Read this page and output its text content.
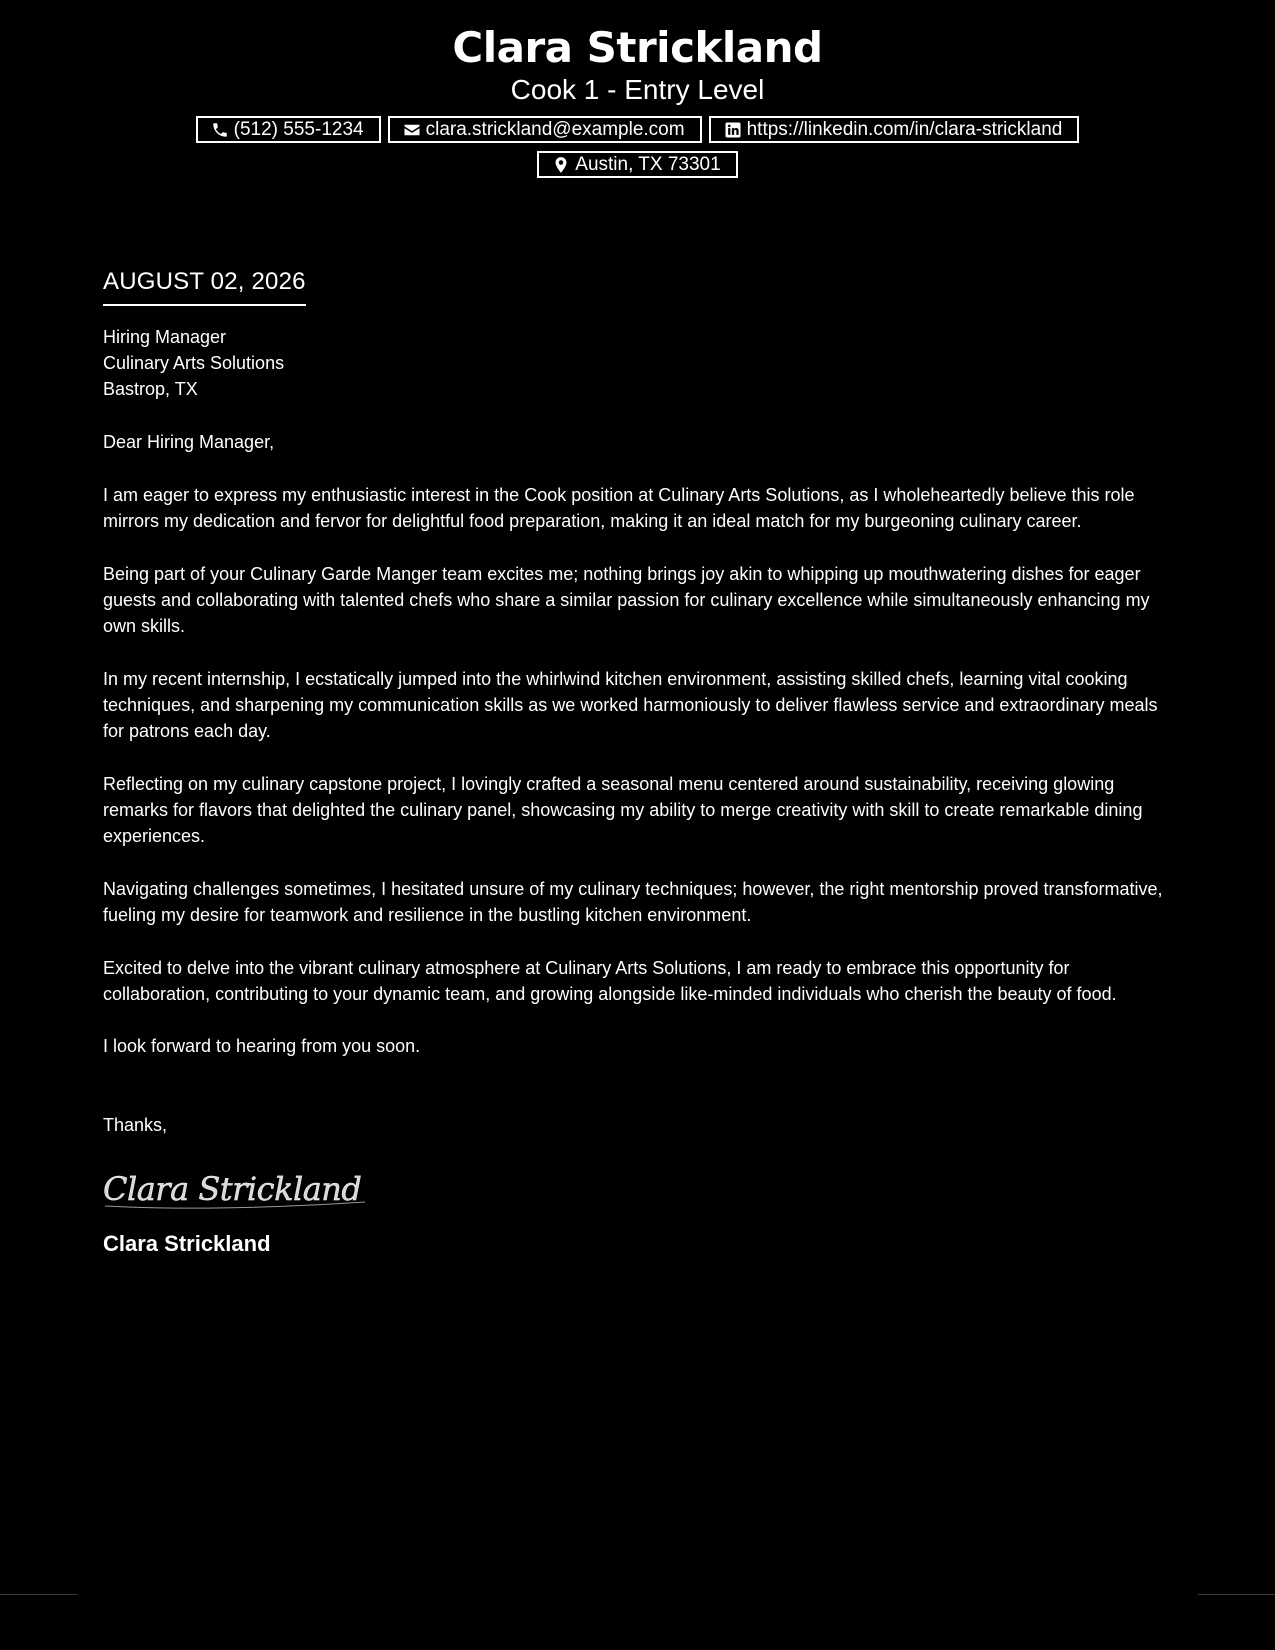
Clara Strickland
Cook 1 - Entry Level
(512) 555-1234	clara.strickland@example.com	https://linkedin.com/in/clara-strickland
Austin, TX 73301
AUGUST 02, 2026
Hiring Manager
Culinary Arts Solutions
Bastrop, TX
Dear Hiring Manager,

I am eager to express my enthusiastic interest in the Cook position at Culinary Arts Solutions, as I wholeheartedly believe this role mirrors my dedication and fervor for delightful food preparation, making it an ideal match for my burgeoning culinary career.

Being part of your Culinary Garde Manger team excites me; nothing brings joy akin to whipping up mouthwatering dishes for eager guests and collaborating with talented chefs who share a similar passion for culinary excellence while simultaneously enhancing my own skills.

In my recent internship, I ecstatically jumped into the whirlwind kitchen environment, assisting skilled chefs, learning vital cooking techniques, and sharpening my communication skills as we worked harmoniously to deliver flawless service and extraordinary meals for patrons each day.

Reflecting on my culinary capstone project, I lovingly crafted a seasonal menu centered around sustainability, receiving glowing remarks for flavors that delighted the culinary panel, showcasing my ability to merge creativity with skill to create remarkable dining experiences.

Navigating challenges sometimes, I hesitated unsure of my culinary techniques; however, the right mentorship proved transformative, fueling my desire for teamwork and resilience in the bustling kitchen environment.

Excited to delve into the vibrant culinary atmosphere at Culinary Arts Solutions, I am ready to embrace this opportunity for collaboration, contributing to your dynamic team, and growing alongside like-minded individuals who cherish the beauty of food.

I look forward to hearing from you soon.
Thanks,
Clara Strickland
Clara Strickland
